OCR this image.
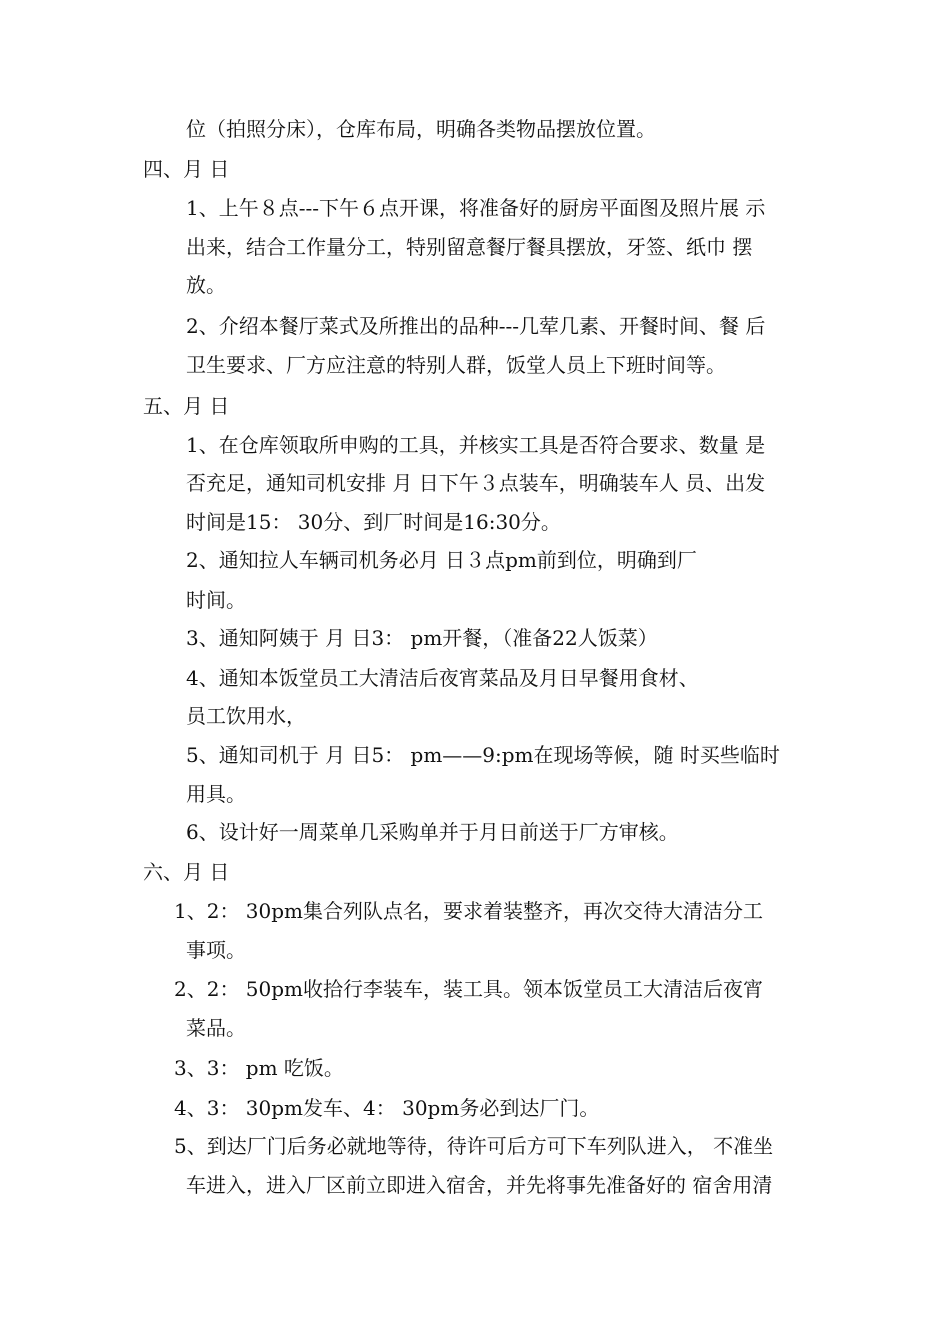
位（拍照分床），仓库布局，明确各类物品摆放位置。
四、月 日
1、上午８点---下午６点开课，将准备好的厨房平面图及照片展 示
出来，结合工作量分工，特别留意餐厅餐具摆放，牙签、纸巾 摆
放。
2、介绍本餐厅菜式及所推出的品种---几荤几素、开餐时间、餐 后
卫生要求、厂方应注意的特别人群，饭堂人员上下班时间等。
五、月 日
1、在仓库领取所申购的工具，并核实工具是否符合要求、数量 是
否充足，通知司机安排 月 日下午３点装车，明确装车人 员、出发
时间是15： 30分、到厂时间是16:30分。
2、通知拉人车辆司机务必月 日３点pm前到位，明确到厂
时间。
3、通知阿姨于 月 日3： pm开餐，（准备22人饭菜）
4、通知本饭堂员工大清洁后夜宵菜品及月日早餐用食材、
员工饮用水，
5、通知司机于 月 日5： pm——9:pm在现场等候，随 时买些临时
用具。
6、设计好一周菜单几采购单并于月日前送于厂方审核。
六、月 日
1、2： 30pm集合列队点名，要求着装整齐，再次交待大清洁分工
事项。
2、2： 50pm收拾行李装车，装工具。领本饭堂员工大清洁后夜宵
菜品。
3、3： pm 吃饭。
4、3： 30pm发车、4： 30pm务必到达厂门。
5、到达厂门后务必就地等待，待许可后方可下车列队进入， 不准坐
车进入，进入厂区前立即进入宿舍，并先将事先准备好的 宿舍用清
